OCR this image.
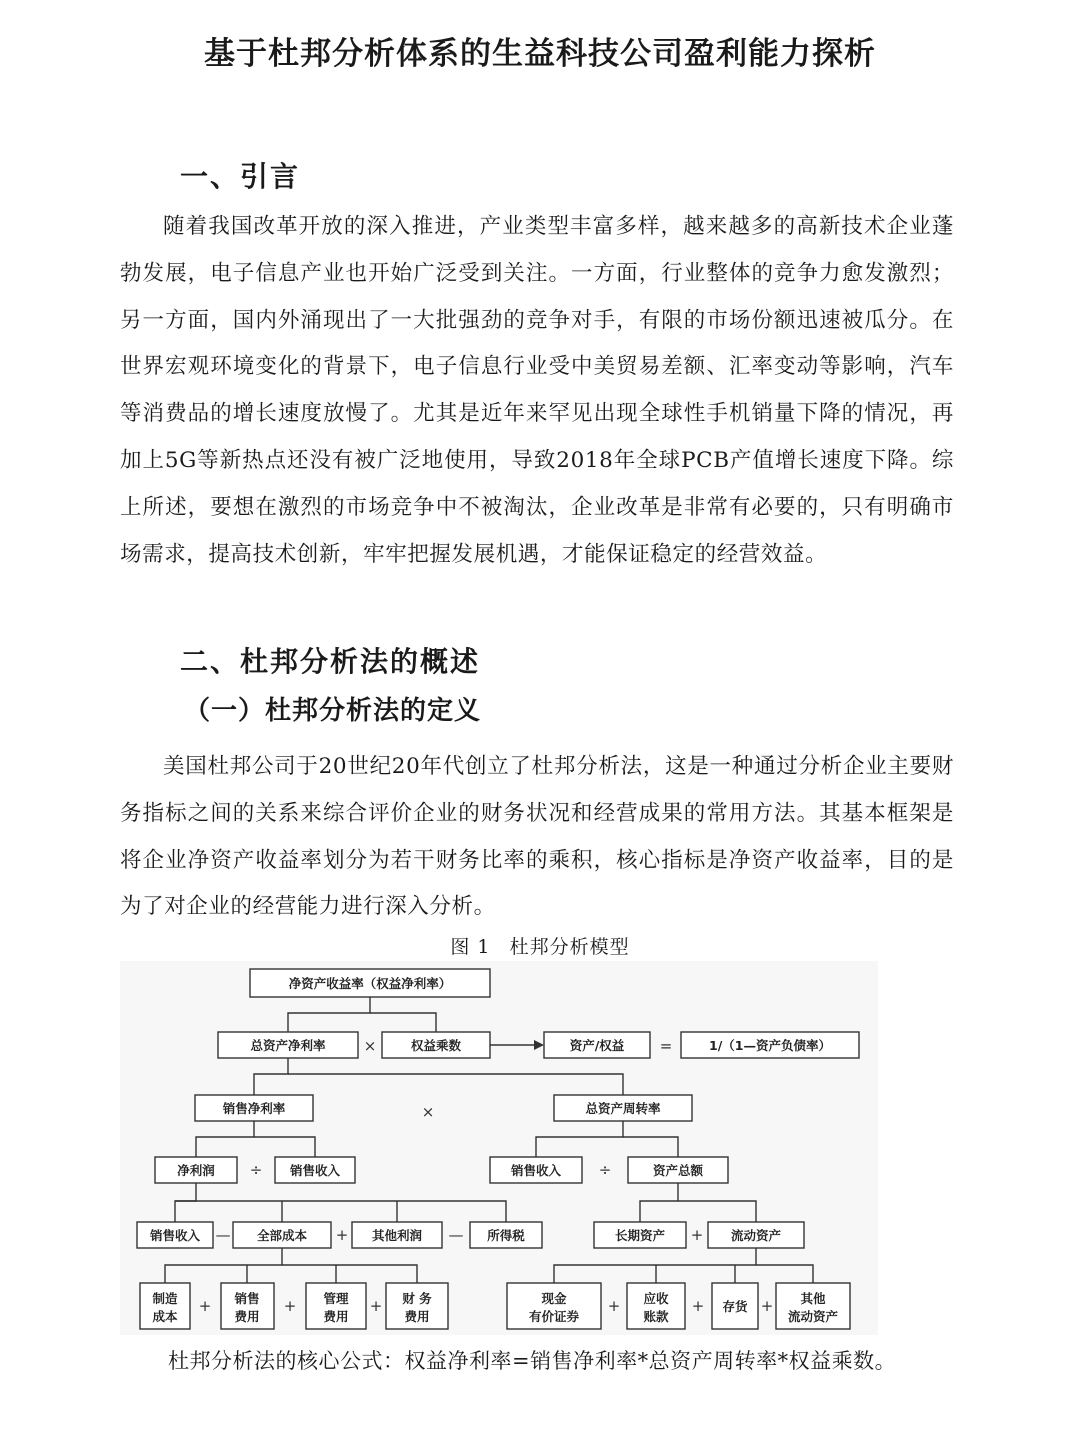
基于杜邦分析体系的生益科技公司盈利能力探析
一、引言

随着我国改革开放的深入推进，产业类型丰富多样，越来越多的高新技术企业蓬勃发展，电子信息产业也开始广泛受到关注。一方面，行业整体的竞争力愈发激烈；另一方面，国内外涌现出了一大批强劲的竞争对手，有限的市场份额迅速被瓜分。在世界宏观环境变化的背景下，电子信息行业受中美贸易差额、汇率变动等影响，汽车等消费品的增长速度放慢了。尤其是近年来罕见出现全球性手机销量下降的情况，再加上5G等新热点还没有被广泛地使用，导致2018年全球PCB产值增长速度下降。综上所述，要想在激烈的市场竞争中不被淘汰，企业改革是非常有必要的，只有明确市场需求，提高技术创新，牢牢把握发展机遇，才能保证稳定的经营效益。

二、杜邦分析法的概述
（一）杜邦分析法的定义

美国杜邦公司于20世纪20年代创立了杜邦分析法，这是一种通过分析企业主要财务指标之间的关系来综合评价企业的财务状况和经营成果的常用方法。其基本框架是将企业净资产收益率划分为若干财务比率的乘积，核心指标是净资产收益率，目的是为了对企业的经营能力进行深入分析。

图 1 杜邦分析模型
净资产收益率（权益净利率）
总资产净利率	权益乘数	资产/权益	1/（1—资产负债率）
销售净利率	总资产周转率
净利润	销售收入	销售收入	资产总额
销售收入	全部成本	其他利润	所得税	长期资产	流动资产
制造
成本
销售
费用
管理
费用
财 务
费用
现金
有价证券
应收
账款
存货
其他
流动资产
×	=
×
÷	÷
—	+	—	+
+	+	+	+	+	+
杜邦分析法的核心公式：权益净利率=销售净利率*总资产周转率*权益乘数。
